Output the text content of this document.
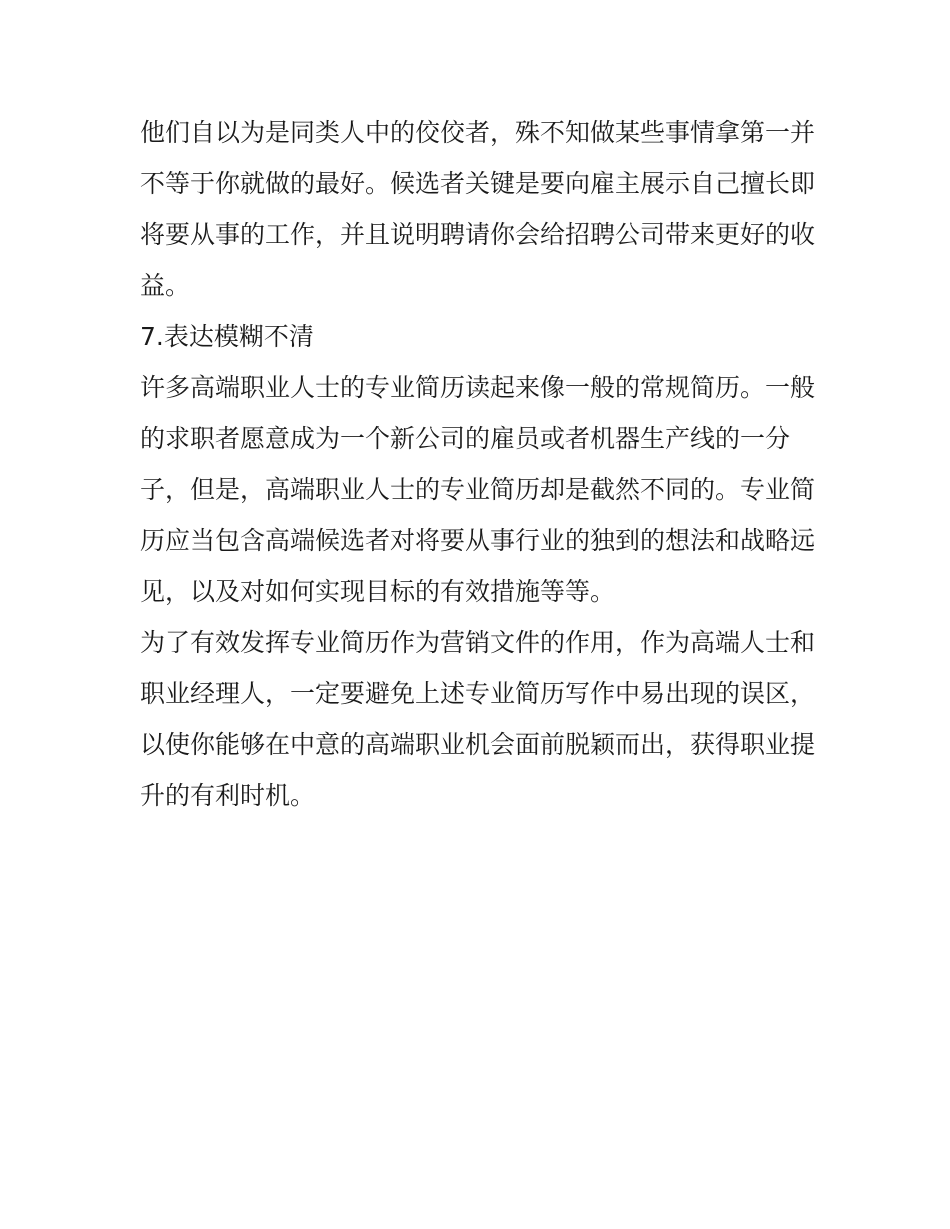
他们自以为是同类人中的佼佼者，殊不知做某些事情拿第一并
不等于你就做的最好。候选者关键是要向雇主展示自己擅长即
将要从事的工作，并且说明聘请你会给招聘公司带来更好的收
益。
7.表达模糊不清
许多高端职业人士的专业简历读起来像一般的常规简历。一般
的求职者愿意成为一个新公司的雇员或者机器生产线的一分
子，但是，高端职业人士的专业简历却是截然不同的。专业简
历应当包含高端候选者对将要从事行业的独到的想法和战略远
见，以及对如何实现目标的有效措施等等。
为了有效发挥专业简历作为营销文件的作用，作为高端人士和
职业经理人，一定要避免上述专业简历写作中易出现的误区，
以使你能够在中意的高端职业机会面前脱颖而出，获得职业提
升的有利时机。
